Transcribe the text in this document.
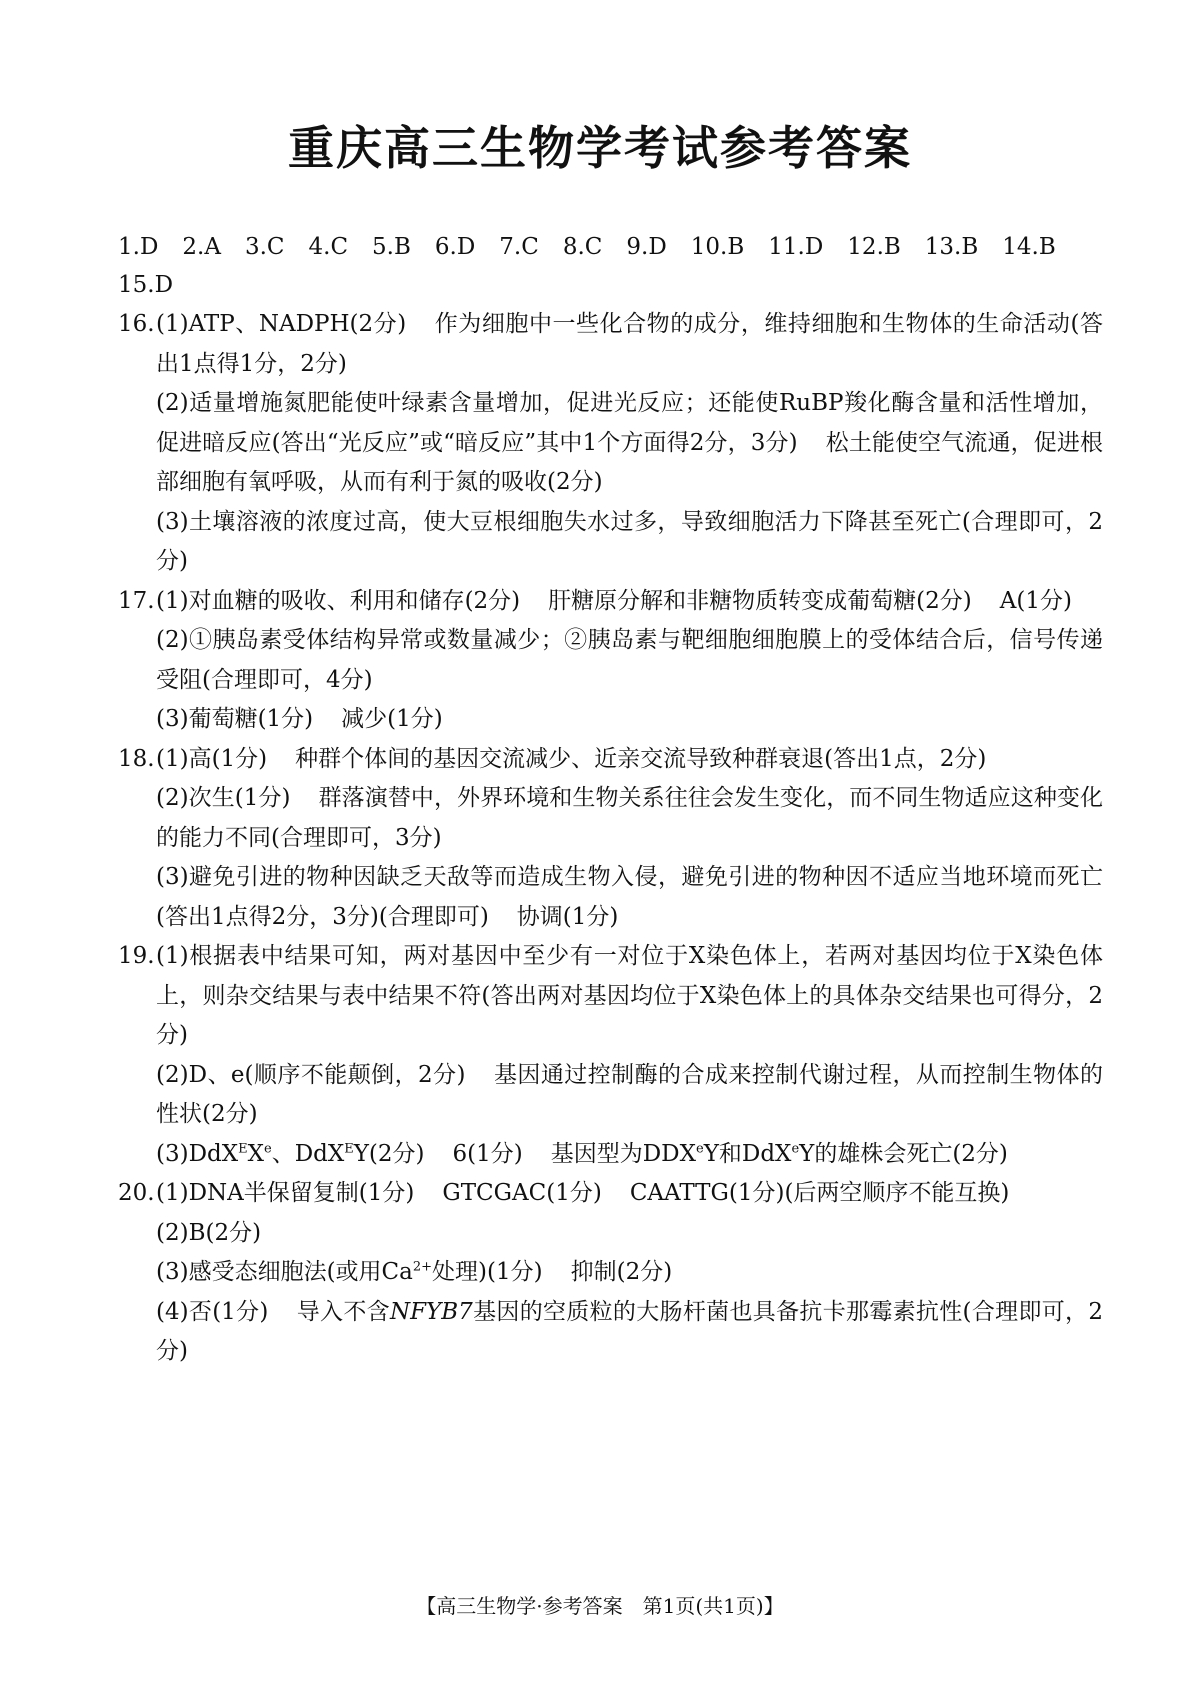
重庆高三生物学考试参考答案
1.D 2.A 3.C 4.C 5.B 6.D 7.C 8.C 9.D 10.B 11.D 12.B 13.B 14.B
15.D
16. (1)ATP、NADPH(2分) 作为细胞中一些化合物的成分，维持细胞和生物体的生命活动(答出1点得1分，2分)
(2)适量增施氮肥能使叶绿素含量增加，促进光反应；还能使RuBP羧化酶含量和活性增加，促进暗反应(答出“光反应”或“暗反应”其中1个方面得2分，3分) 松土能使空气流通，促进根部细胞有氧呼吸，从而有利于氮的吸收(2分)
(3)土壤溶液的浓度过高，使大豆根细胞失水过多，导致细胞活力下降甚至死亡(合理即可，2分)
17. (1)对血糖的吸收、利用和储存(2分) 肝糖原分解和非糖物质转变成葡萄糖(2分) A(1分)
(2)①胰岛素受体结构异常或数量减少；②胰岛素与靶细胞细胞膜上的受体结合后，信号传递受阻(合理即可，4分)
(3)葡萄糖(1分) 减少(1分)
18. (1)高(1分) 种群个体间的基因交流减少、近亲交流导致种群衰退(答出1点，2分)
(2)次生(1分) 群落演替中，外界环境和生物关系往往会发生变化，而不同生物适应这种变化的能力不同(合理即可，3分)
(3)避免引进的物种因缺乏天敌等而造成生物入侵，避免引进的物种因不适应当地环境而死亡(答出1点得2分，3分)(合理即可) 协调(1分)
19. (1)根据表中结果可知，两对基因中至少有一对位于X染色体上，若两对基因均位于X染色体上，则杂交结果与表中结果不符(答出两对基因均位于X染色体上的具体杂交结果也可得分，2分)
(2)D、e(顺序不能颠倒，2分) 基因通过控制酶的合成来控制代谢过程，从而控制生物体的性状(2分)
(3)DdX$^E$Xe、DdX$^E$Y(2分) 6(1分) 基因型为DDXeY和DdX$^e$Y的雄株会死亡(2分)
20. (1)DNA半保留复制(1分) GTCGAC(1分) CAATTG(1分)(后两空顺序不能互换)
(2)B(2分)
(3)感受态细胞法(或用$Ca^{2+}$处理)(1分) 抑制(2分)
(4)否(1分) 导入不含NFYB7基因的空质粒的大肠杆菌也具备抗卡那霉素抗性(合理即可，2分)
【高三生物学·参考答案　第1页(共1页)】
